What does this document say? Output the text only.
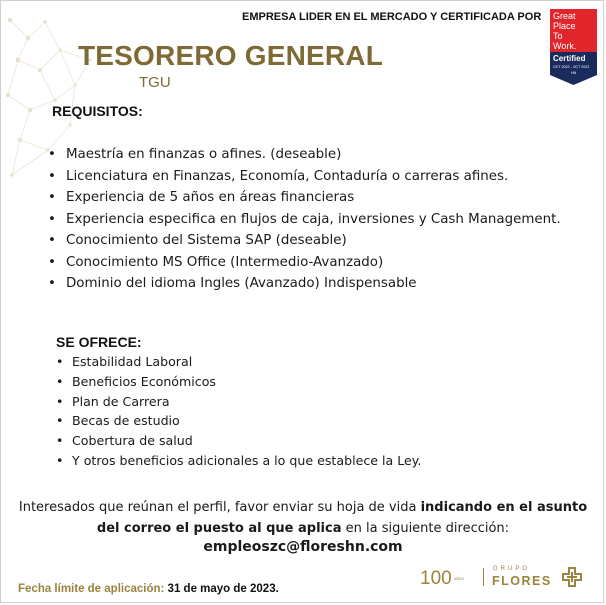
EMPRESA LIDER EN EL MERCADO Y CERTIFICADA POR Great
Place
To
Work.
Certified
OCT 2022 - OCT 2023
HN
TESORERO GENERAL
TGU
REQUISITOS:
• Maestría en finanzas o afines. (deseable)
• Licenciatura en Finanzas, Economía, Contaduría o carreras afines.
• Experiencia de 5 años en áreas financieras
• Experiencia especifica en flujos de caja, inversiones y Cash Management.
• Conocimiento del Sistema SAP (deseable)
• Conocimiento MS Office (Intermedio-Avanzado)
• Dominio del idioma Ingles (Avanzado) Indispensable
SE OFRECE:
• Estabilidad Laboral
• Beneficios Económicos
• Plan de Carrera
• Becas de estudio
• Cobertura de salud
• Y otros beneficios adicionales a lo que establece la Ley.
Interesados que reúnan el perfil, favor enviar su hoja de vida indicando en el asunto del correo el puesto al que aplica en la siguiente dirección:
empleoszc@floreshn.com
Fecha límite de aplicación: 31 de mayo de 2023.	100 AÑOS
GRUPO
FLORES
